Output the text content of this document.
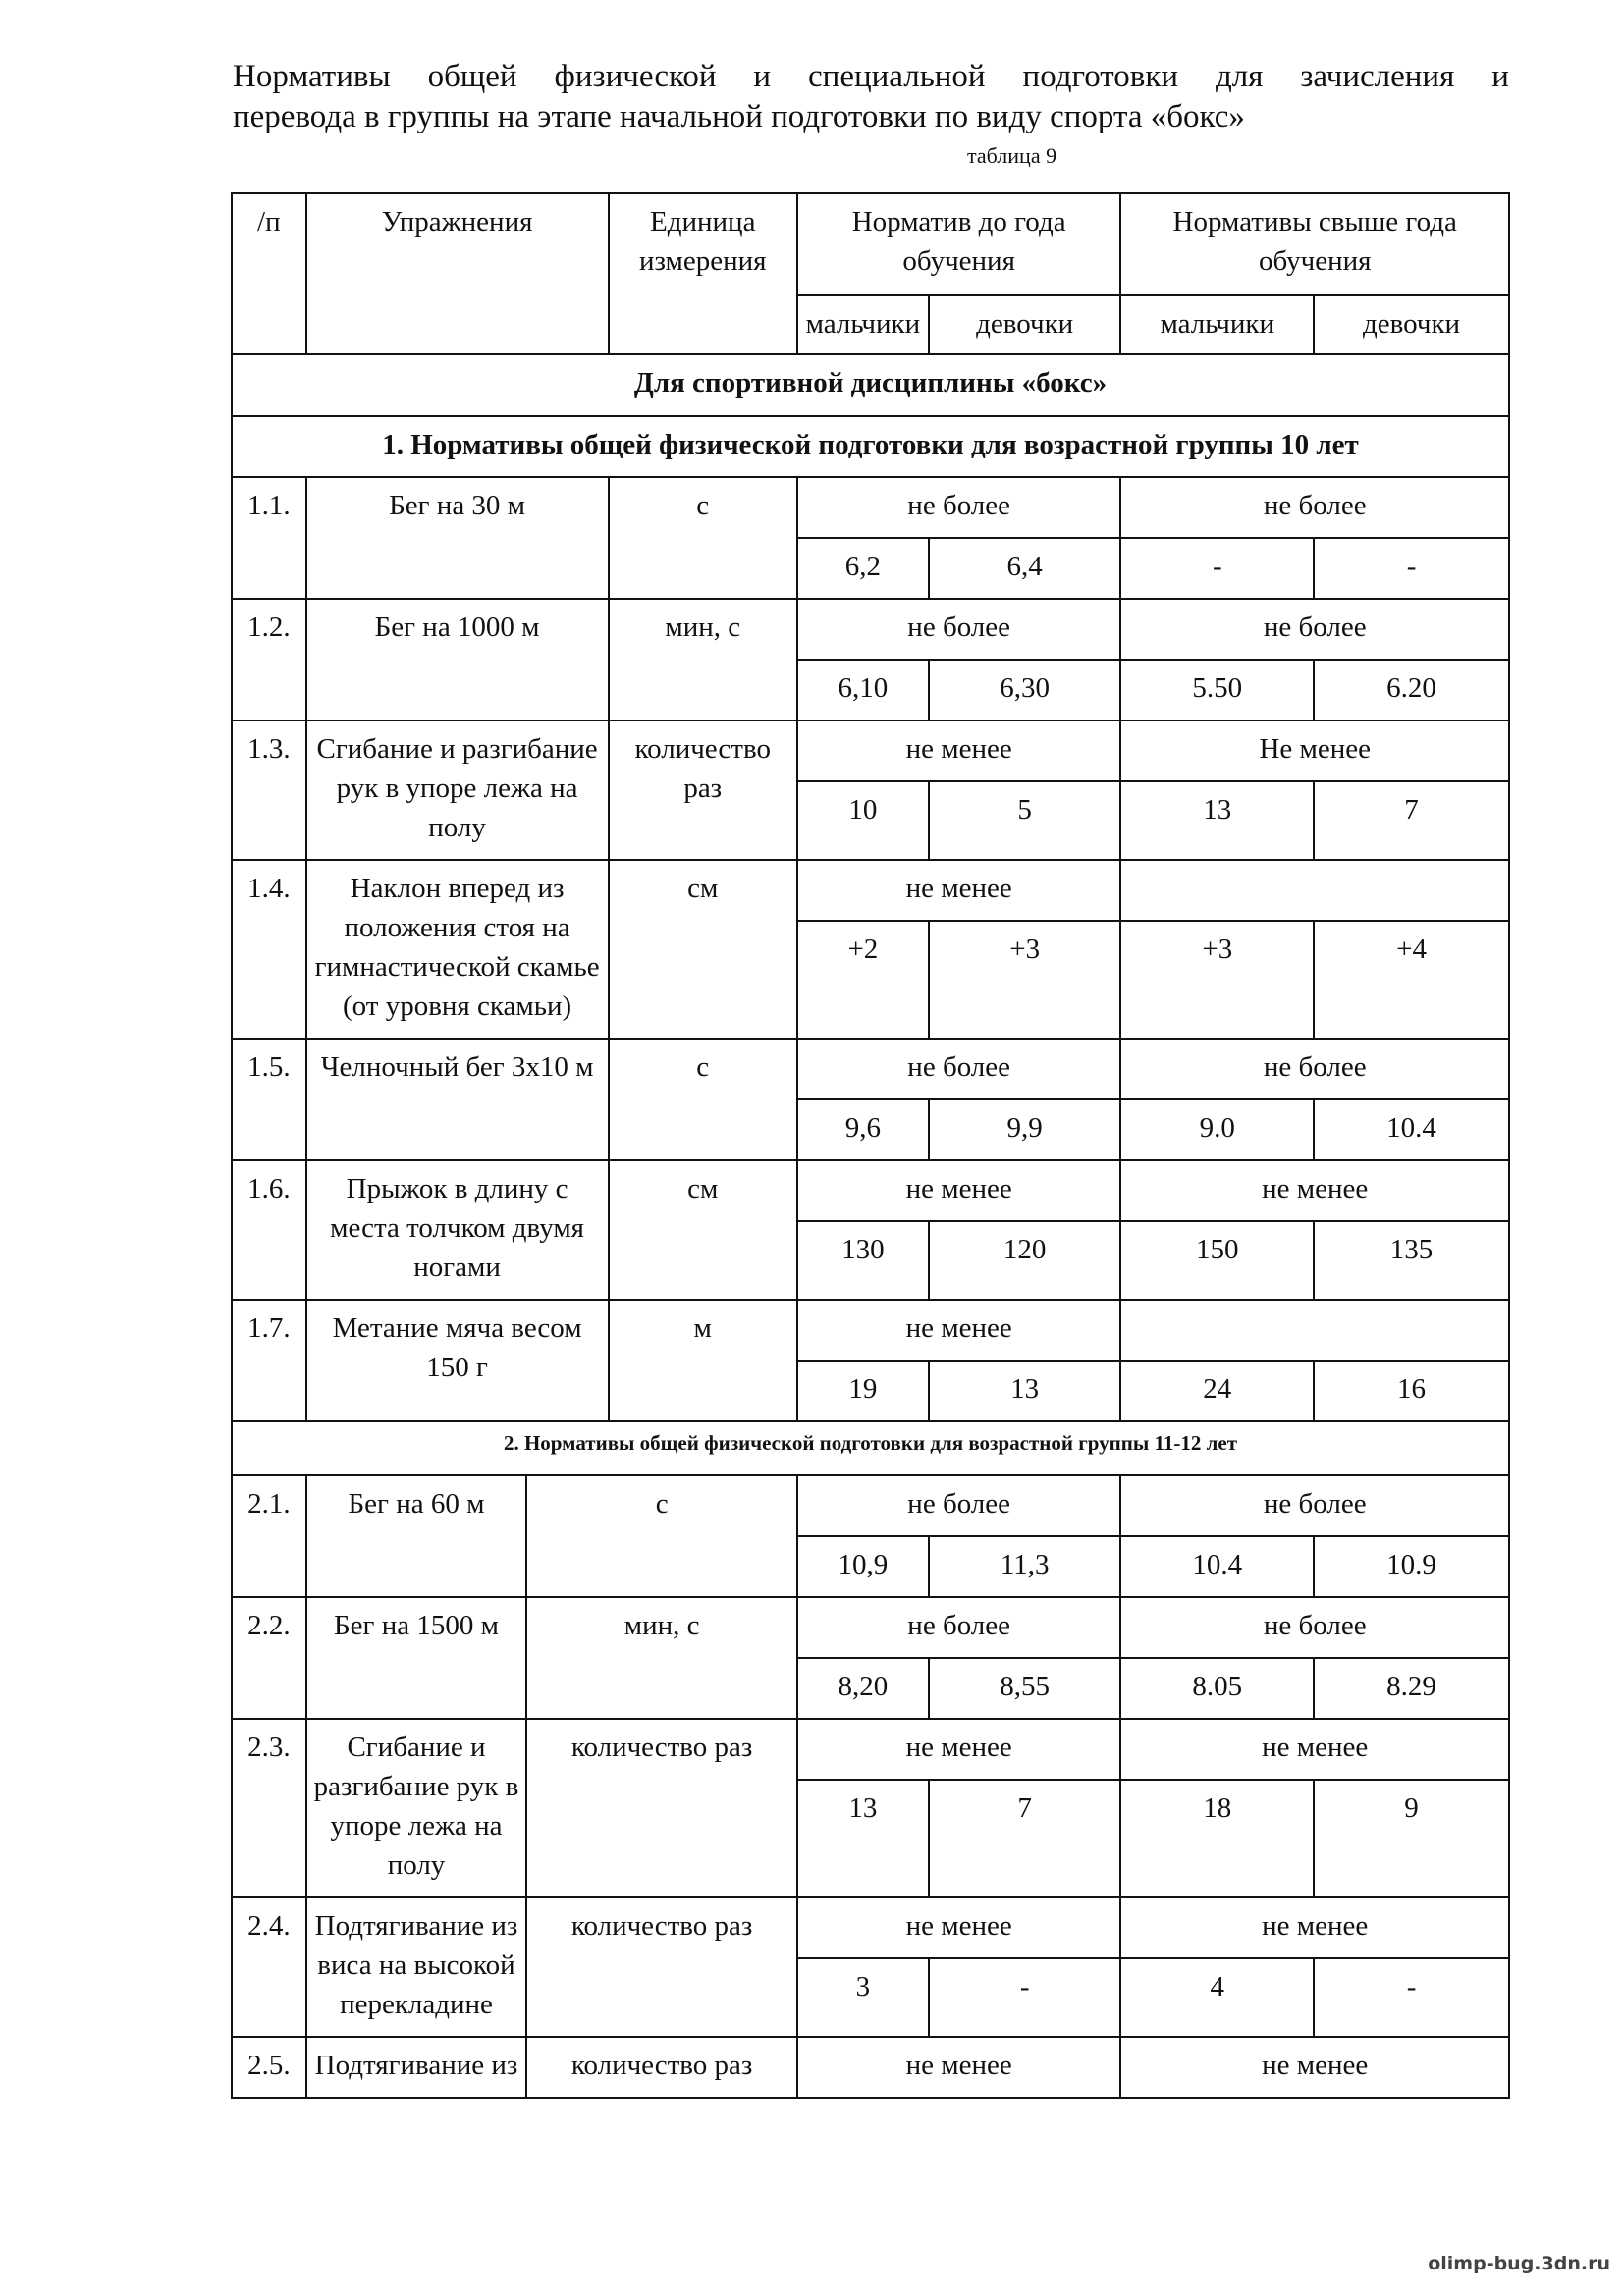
Нормативы общей физической и специальной подготовки для зачисления и
перевода в группы на этапе начальной подготовки по виду спорта «бокс»
таблица 9
/п	Упражнения		Единица измерения	Норматив до года обучения		Нормативы свыше года обучения	
				мальчики	девочки	мальчики	девочки
Для спортивной дисциплины «бокс»							
1. Нормативы общей физической подготовки для возрастной группы 10 лет							
1.1.	Бег на 30 м		с	не более		не более	
				6,2	6,4	-	-
1.2.	Бег на 1000 м		мин, с	не более		не более	
				6,10	6,30	5.50	6.20
1.3.	Сгибание и разгибание рук в упоре лежа на полу		количество раз	не менее		Не менее	
				10	5	13	7
1.4.	Наклон вперед из положения стоя на гимнастической скамье (от уровня скамьи)		см	не менее			
				+2	+3	+3	+4
1.5.	Челночный бег 3х10 м		с	не более		не более	
				9,6	9,9	9.0	10.4
1.6.	Прыжок в длину с места толчком двумя ногами		см	не менее		не менее	
				130	120	150	135
1.7.	Метание мяча весом 150 г		м	не менее			
				19	13	24	16
2. Нормативы общей физической подготовки для возрастной группы 11-12 лет							
2.1.	Бег на 60 м	с		не более		не более	
				10,9	11,3	10.4	10.9
2.2.	Бег на 1500 м	мин, с		не более		не более	
				8,20	8,55	8.05	8.29
2.3.	Сгибание и разгибание рук в упоре лежа на полу	количество раз		не менее		не менее	
				13	7	18	9
2.4.	Подтягивание из виса на высокой перекладине	количество раз		не менее		не менее	
				3	-	4	-
2.5.	Подтягивание из	количество раз		не менее		не менее	
olimp-bug.3dn.ru
